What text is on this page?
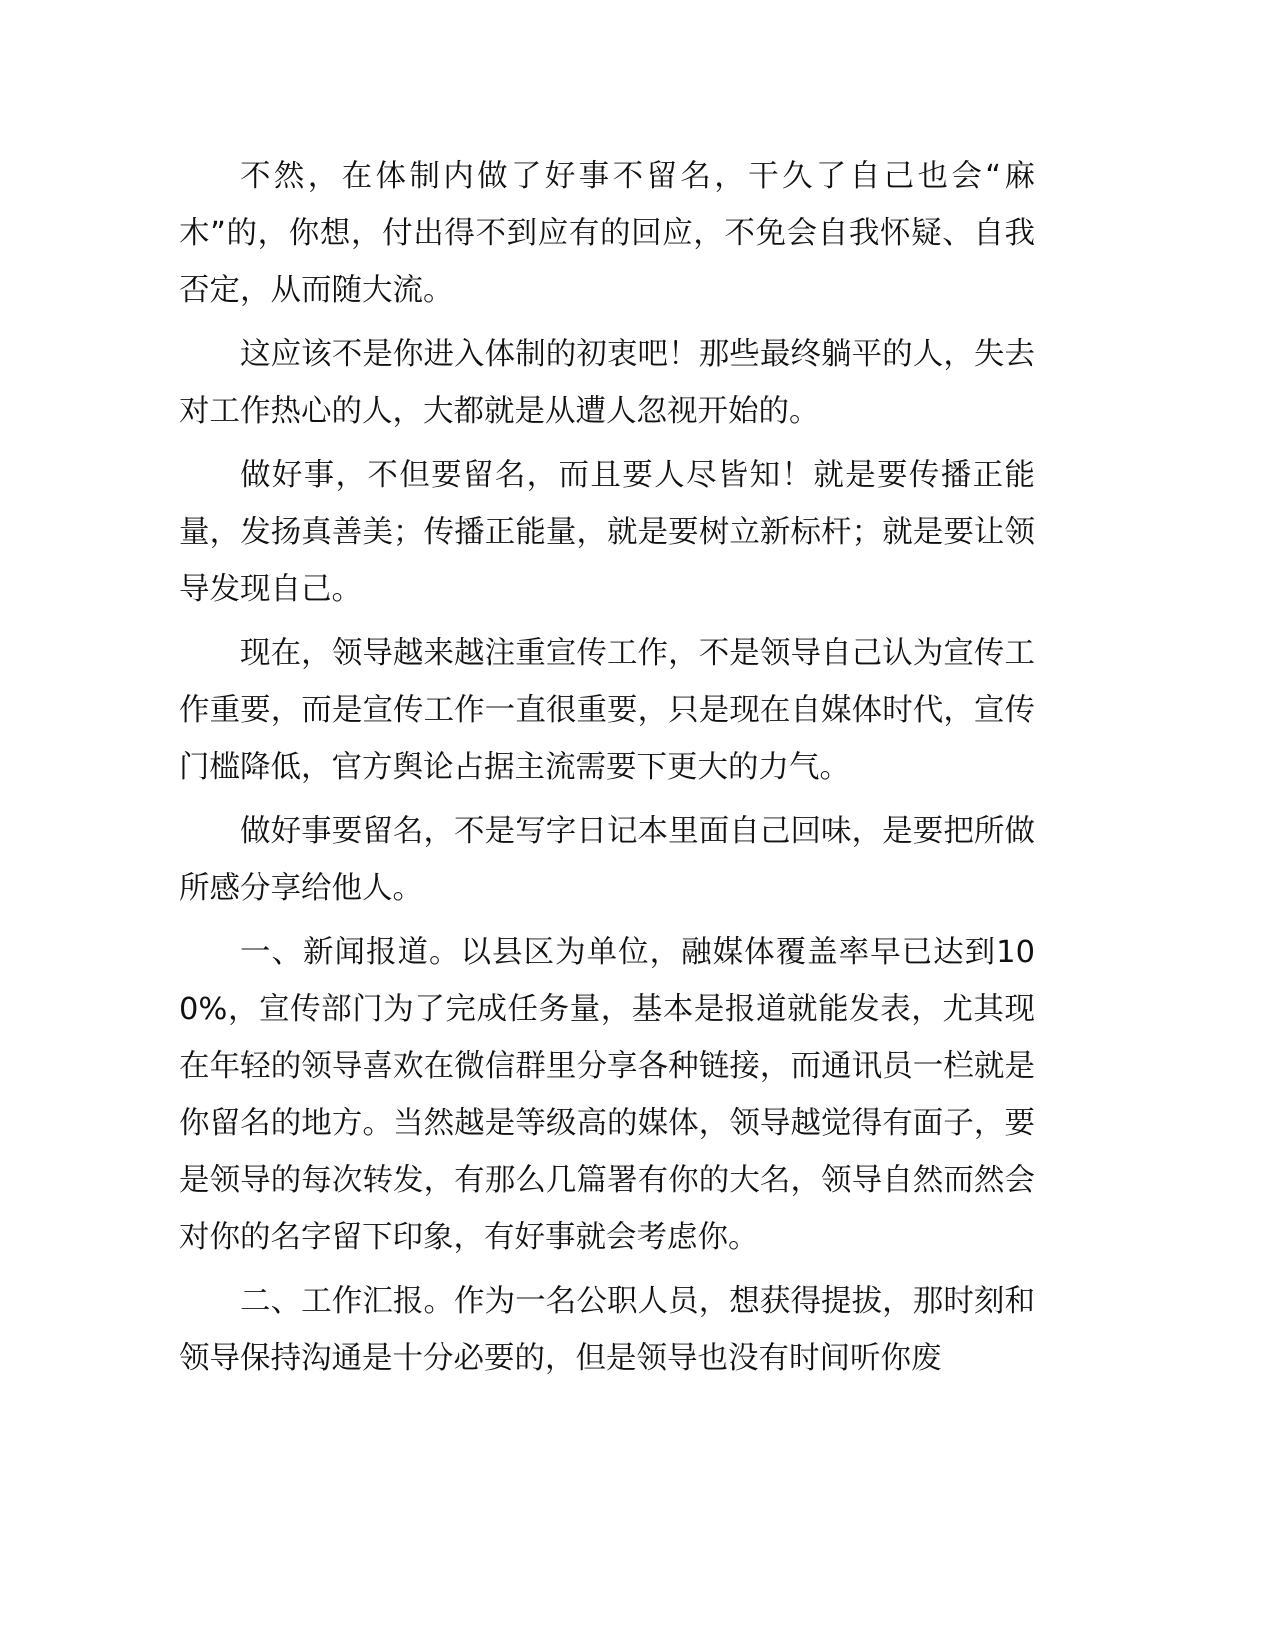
不然，在体制内做了好事不留名，干久了自己也会“麻木”的，你想，付出得不到应有的回应，不免会自我怀疑、自我否定，从而随大流。

这应该不是你进入体制的初衷吧！那些最终躺平的人，失去对工作热心的人，大都就是从遭人忽视开始的。

做好事，不但要留名，而且要人尽皆知！就是要传播正能量，发扬真善美；传播正能量，就是要树立新标杆；就是要让领导发现自己。

现在，领导越来越注重宣传工作，不是领导自己认为宣传工作重要，而是宣传工作一直很重要，只是现在自媒体时代，宣传门槛降低，官方舆论占据主流需要下更大的力气。

做好事要留名，不是写字日记本里面自己回味，是要把所做所感分享给他人。

一、新闻报道。以县区为单位，融媒体覆盖率早已达到100%，宣传部门为了完成任务量，基本是报道就能发表，尤其现在年轻的领导喜欢在微信群里分享各种链接，而通讯员一栏就是你留名的地方。当然越是等级高的媒体，领导越觉得有面子，要是领导的每次转发，有那么几篇署有你的大名，领导自然而然会对你的名字留下印象，有好事就会考虑你。

二、工作汇报。作为一名公职人员，想获得提拔，那时刻和领导保持沟通是十分必要的，但是领导也没有时间听你废
